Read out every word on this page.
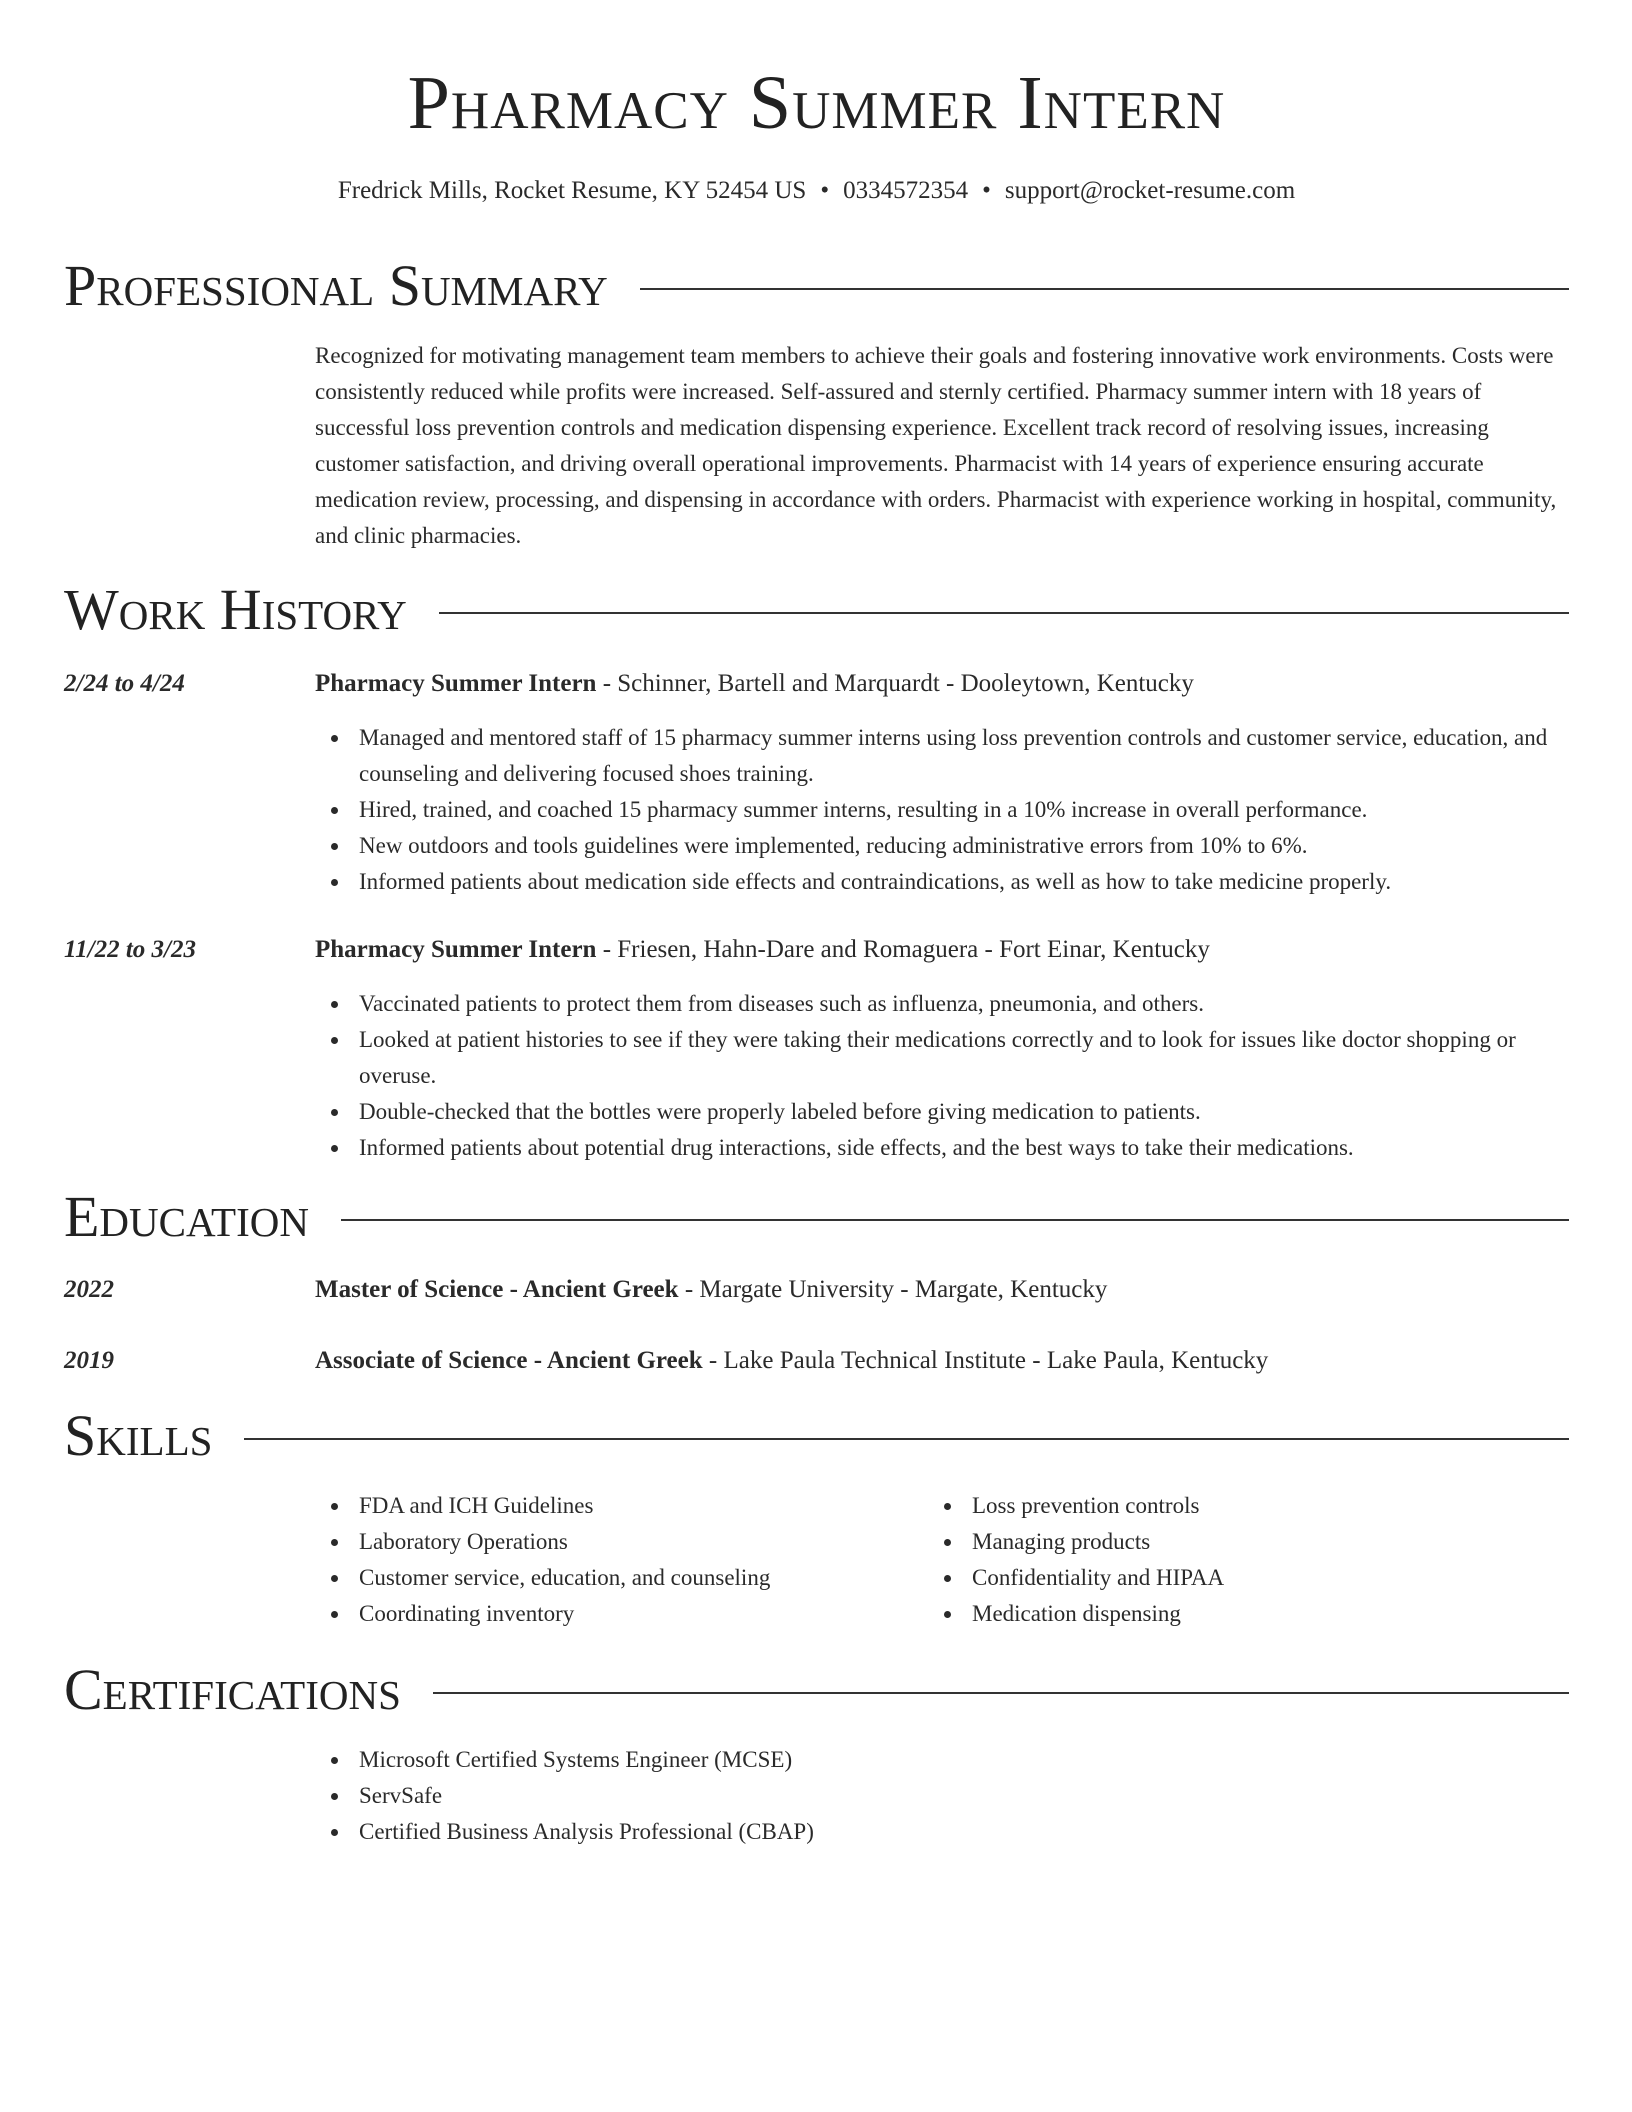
Pharmacy Summer Intern
Fredrick Mills, Rocket Resume, KY 52454 US • 0334572354 • support@rocket-resume.com
Professional Summary
Recognized for motivating management team members to achieve their goals and fostering innovative work environments. Costs were consistently reduced while profits were increased. Self-assured and sternly certified. Pharmacy summer intern with 18 years of successful loss prevention controls and medication dispensing experience. Excellent track record of resolving issues, increasing customer satisfaction, and driving overall operational improvements. Pharmacist with 14 years of experience ensuring accurate medication review, processing, and dispensing in accordance with orders. Pharmacist with experience working in hospital, community, and clinic pharmacies.
Work History
2/24 to 4/24	Pharmacy Summer Intern - Schinner, Bartell and Marquardt - Dooleytown, Kentucky
Managed and mentored staff of 15 pharmacy summer interns using loss prevention controls and customer service, education, and counseling and delivering focused shoes training.
Hired, trained, and coached 15 pharmacy summer interns, resulting in a 10% increase in overall performance.
New outdoors and tools guidelines were implemented, reducing administrative errors from 10% to 6%.
Informed patients about medication side effects and contraindications, as well as how to take medicine properly.
11/22 to 3/23	Pharmacy Summer Intern - Friesen, Hahn-Dare and Romaguera - Fort Einar, Kentucky
Vaccinated patients to protect them from diseases such as influenza, pneumonia, and others.
Looked at patient histories to see if they were taking their medications correctly and to look for issues like doctor shopping or overuse.
Double-checked that the bottles were properly labeled before giving medication to patients.
Informed patients about potential drug interactions, side effects, and the best ways to take their medications.
Education
2022	Master of Science - Ancient Greek - Margate University - Margate, Kentucky
2019	Associate of Science - Ancient Greek - Lake Paula Technical Institute - Lake Paula, Kentucky
Skills
FDA and ICH Guidelines
Laboratory Operations
Customer service, education, and counseling
Coordinating inventory
Loss prevention controls
Managing products
Confidentiality and HIPAA
Medication dispensing
Certifications
Microsoft Certified Systems Engineer (MCSE)
ServSafe
Certified Business Analysis Professional (CBAP)
